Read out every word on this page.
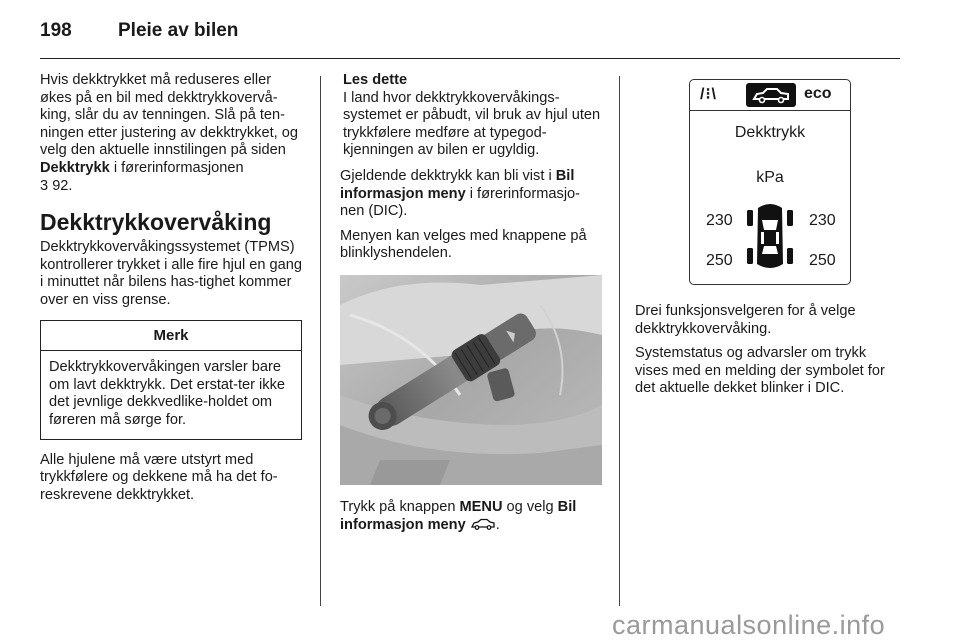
198 Pleie av bilen

Hvis dekktrykket må reduseres eller økes på en bil med dekktrykkovervå-king, slår du av tenningen. Slå på ten-ningen etter justering av dekktrykket, og velg den aktuelle innstilingen på siden Dekktrykk i førerinformasjonen
3 92.

Dekktrykkovervåking

Dekktrykkovervåkingssystemet (TPMS) kontrollerer trykket i alle fire hjul en gang i minuttet når bilens has-tighet kommer over en viss grense.

Merk
Dekktrykkovervåkingen varsler bare om lavt dekktrykk. Det erstat-ter ikke det jevnlige dekkvedlike-holdet om føreren må sørge for.

Alle hjulene må være utstyrt med trykkfølere og dekkene må ha det fo-reskrevene dekktrykket.

Les dette
I land hvor dekktrykkovervåkings-systemet er påbudt, vil bruk av hjul uten trykkfølere medføre at typegod-kjenningen av bilen er ugyldig.

Gjeldende dekktrykk kan bli vist i Bil informasjon meny i førerinformasjo-nen (DIC).

Menyen kan velges med knappene på blinklyshendelen.

Trykk på knappen MENU og velg Bil informasjon meny .

/⁝\	eco
Dekktrykk
kPa
230	230
250	250

Drei funksjonsvelgeren for å velge dekktrykkovervåking.

Systemstatus og advarsler om trykk vises med en melding der symbolet for det aktuelle dekket blinker i DIC.

carmanualsonline.info
